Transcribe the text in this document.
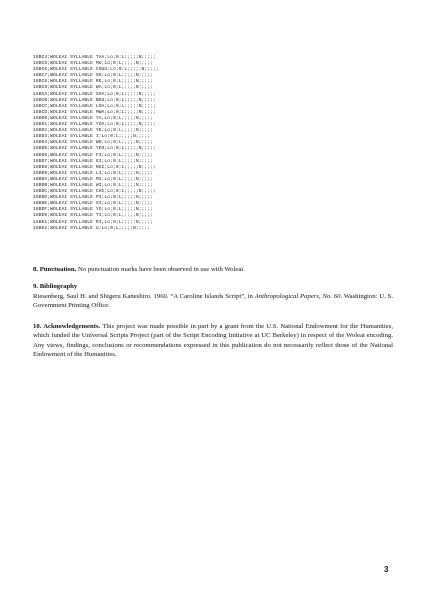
16BC4;WOLEAI SYLLABLE TAA;Lo;0;L;;;;;N;;;;;
16BC5;WOLEAI SYLLABLE MU;Lo;0;L;;;;;N;;;;;
16BC6;WOLEAI SYLLABLE CHUU;Lo;0;L;;;;;N;;;;;
16BC7;WOLEAI SYLLABLE SO;Lo;0;L;;;;;N;;;;;
16BC8;WOLEAI SYLLABLE RE;Lo;0;L;;;;;N;;;;;
16BC9;WOLEAI SYLLABLE WA;Lo;0;L;;;;;N;;;;;
16BCA;WOLEAI SYLLABLE SOA;Lo;0;L;;;;;N;;;;;
16BCB;WOLEAI SYLLABLE BEU;Lo;0;L;;;;;N;;;;;
16BCC;WOLEAI SYLLABLE LOA;Lo;0;L;;;;;N;;;;;
16BCD;WOLEAI SYLLABLE MWA;Lo;0;L;;;;;N;;;;;
16BD0;WOLEAI SYLLABLE YA;Lo;0;L;;;;;N;;;;;
16BD1;WOLEAI SYLLABLE YOA;Lo;0;L;;;;;N;;;;;
16BD2;WOLEAI SYLLABLE YE;Lo;0;L;;;;;N;;;;;
16BD3;WOLEAI SYLLABLE I;Lo;0;L;;;;;N;;;;;
16BD4;WOLEAI SYLLABLE WO;Lo;0;L;;;;;N;;;;;
16BD5;WOLEAI SYLLABLE YEO;Lo;0;L;;;;;N;;;;;
16BD6;WOLEAI SYLLABLE FI;Lo;0;L;;;;;N;;;;;
16BD7;WOLEAI SYLLABLE GI;Lo;0;L;;;;;N;;;;;
16BD8;WOLEAI SYLLABLE NGI;Lo;0;L;;;;;N;;;;;
16BD9;WOLEAI SYLLABLE LI;Lo;0;L;;;;;N;;;;;
16BDA;WOLEAI SYLLABLE MI;Lo;0;L;;;;;N;;;;;
16BDB;WOLEAI SYLLABLE WI;Lo;0;L;;;;;N;;;;;
16BDC;WOLEAI SYLLABLE CHI;Lo;0;L;;;;;N;;;;;
16BDD;WOLEAI SYLLABLE PI;Lo;0;L;;;;;N;;;;;
16BDE;WOLEAI SYLLABLE SI;Lo;0;L;;;;;N;;;;;
16BDF;WOLEAI SYLLABLE YO;Lo;0;L;;;;;N;;;;;
16BE0;WOLEAI SYLLABLE TI;Lo;0;L;;;;;N;;;;;
16BE1;WOLEAI SYLLABLE RI;Lo;0;L;;;;;N;;;;;
16BE2;WOLEAI SYLLABLE U;Lo;0;L;;;;;N;;;;;
8. Punctuation. No punctuation marks have been observed in use with Woleai.
9. Bibliography
Riesenberg, Saul H. and Shigeru Kaneshiro. 1960. “A Caroline Islands Script”, in Anthropological Papers, No. 60. Washington: U. S. Government Printing Office.
10. Acknowledgements. This project was made possible in part by a grant from the U.S. National Endowment for the Humanities, which funded the Universal Scripts Project (part of the Script Encoding Initiative at UC Berkeley) in respect of the Woleai encoding. Any views, findings, conclusions or recommendations expressed in this publication do not necessarily reflect those of the National Endowment of the Humanities.
3
